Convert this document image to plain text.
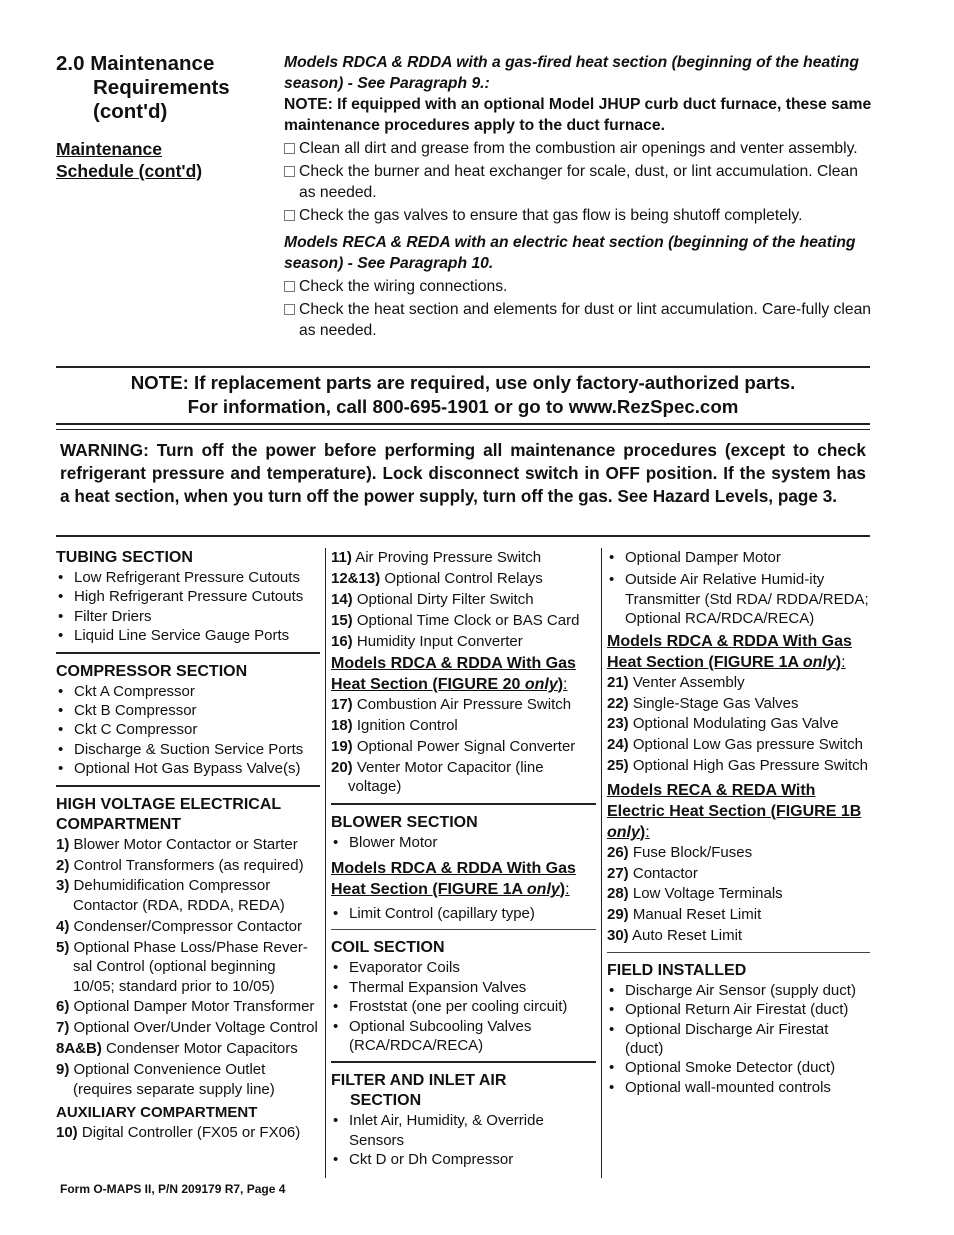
2.0 Maintenance
Requirements
(cont'd)
Maintenance
Schedule (cont'd)
Models RDCA & RDDA with a gas-fired heat section (beginning of the heating season) - See Paragraph 9.:
NOTE: If equipped with an optional Model JHUP curb duct furnace, these same maintenance procedures apply to the duct furnace.
Clean all dirt and grease from the combustion air openings and venter assembly.
Check the burner and heat exchanger for scale, dust, or lint accumulation. Clean as needed.
Check the gas valves to ensure that gas flow is being shutoff completely.
Models RECA & REDA with an electric heat section (beginning of the heating season) - See Paragraph 10.
Check the wiring connections.
Check the heat section and elements for dust or lint accumulation. Care-fully clean as needed.
NOTE: If replacement parts are required, use only factory-authorized parts.
For information, call 800-695-1901 or go to www.RezSpec.com
WARNING: Turn off the power before performing all maintenance procedures (except to check refrigerant pressure and temperature). Lock disconnect switch in OFF position. If the system has a heat section, when you turn off the power supply, turn off the gas. See Hazard Levels, page 3.
TUBING SECTION
• Low Refrigerant Pressure Cutouts
• High Refrigerant Pressure Cutouts
• Filter Driers
• Liquid Line Service Gauge Ports
COMPRESSOR SECTION
• Ckt A Compressor
• Ckt B Compressor
• Ckt C Compressor
• Discharge & Suction Service Ports
• Optional Hot Gas Bypass Valve(s)
HIGH VOLTAGE ELECTRICAL
COMPARTMENT
1) Blower Motor Contactor or Starter
2) Control Transformers (as required)
3) Dehumidification Compressor Contactor (RDA, RDDA, REDA)
4) Condenser/Compressor Contactor
5) Optional Phase Loss/Phase Rever-sal Control (optional beginning 10/05; standard prior to 10/05)
6) Optional Damper Motor Transformer
7) Optional Over/Under Voltage Control
8A&B) Condenser Motor Capacitors
9) Optional Convenience Outlet (requires separate supply line)
AUXILIARY COMPARTMENT
10) Digital Controller (FX05 or FX06)
11) Air Proving Pressure Switch
12&13) Optional Control Relays
14) Optional Dirty Filter Switch
15) Optional Time Clock or BAS Card
16) Humidity Input Converter
Models RDCA & RDDA With Gas Heat Section (FIGURE 20 only):
17) Combustion Air Pressure Switch
18) Ignition Control
19) Optional Power Signal Converter
20) Venter Motor Capacitor (line voltage)
BLOWER SECTION
• Blower Motor
Models RDCA & RDDA With Gas Heat Section (FIGURE 1A only):
• Limit Control (capillary type)
COIL SECTION
• Evaporator Coils
• Thermal Expansion Valves
• Froststat (one per cooling circuit)
• Optional Subcooling Valves (RCA/RDCA/RECA)
FILTER AND INLET AIR
SECTION
• Inlet Air, Humidity, & Override Sensors
• Ckt D or Dh Compressor
• Optional Damper Motor
• Outside Air Relative Humid-ity Transmitter (Std RDA/ RDDA/REDA; Optional RCA/RDCA/RECA)
Models RDCA & RDDA With Gas Heat Section (FIGURE 1A only):
21) Venter Assembly
22) Single-Stage Gas Valves
23) Optional Modulating Gas Valve
24) Optional Low Gas pressure Switch
25) Optional High Gas Pressure Switch
Models RECA & REDA With Electric Heat Section (FIGURE 1B only):
26) Fuse Block/Fuses
27) Contactor
28) Low Voltage Terminals
29) Manual Reset Limit
30) Auto Reset Limit
FIELD INSTALLED
• Discharge Air Sensor (supply duct)
• Optional Return Air Firestat (duct)
• Optional Discharge Air Firestat (duct)
• Optional Smoke Detector (duct)
• Optional wall-mounted controls
Form O-MAPS II, P/N 209179 R7, Page 4
